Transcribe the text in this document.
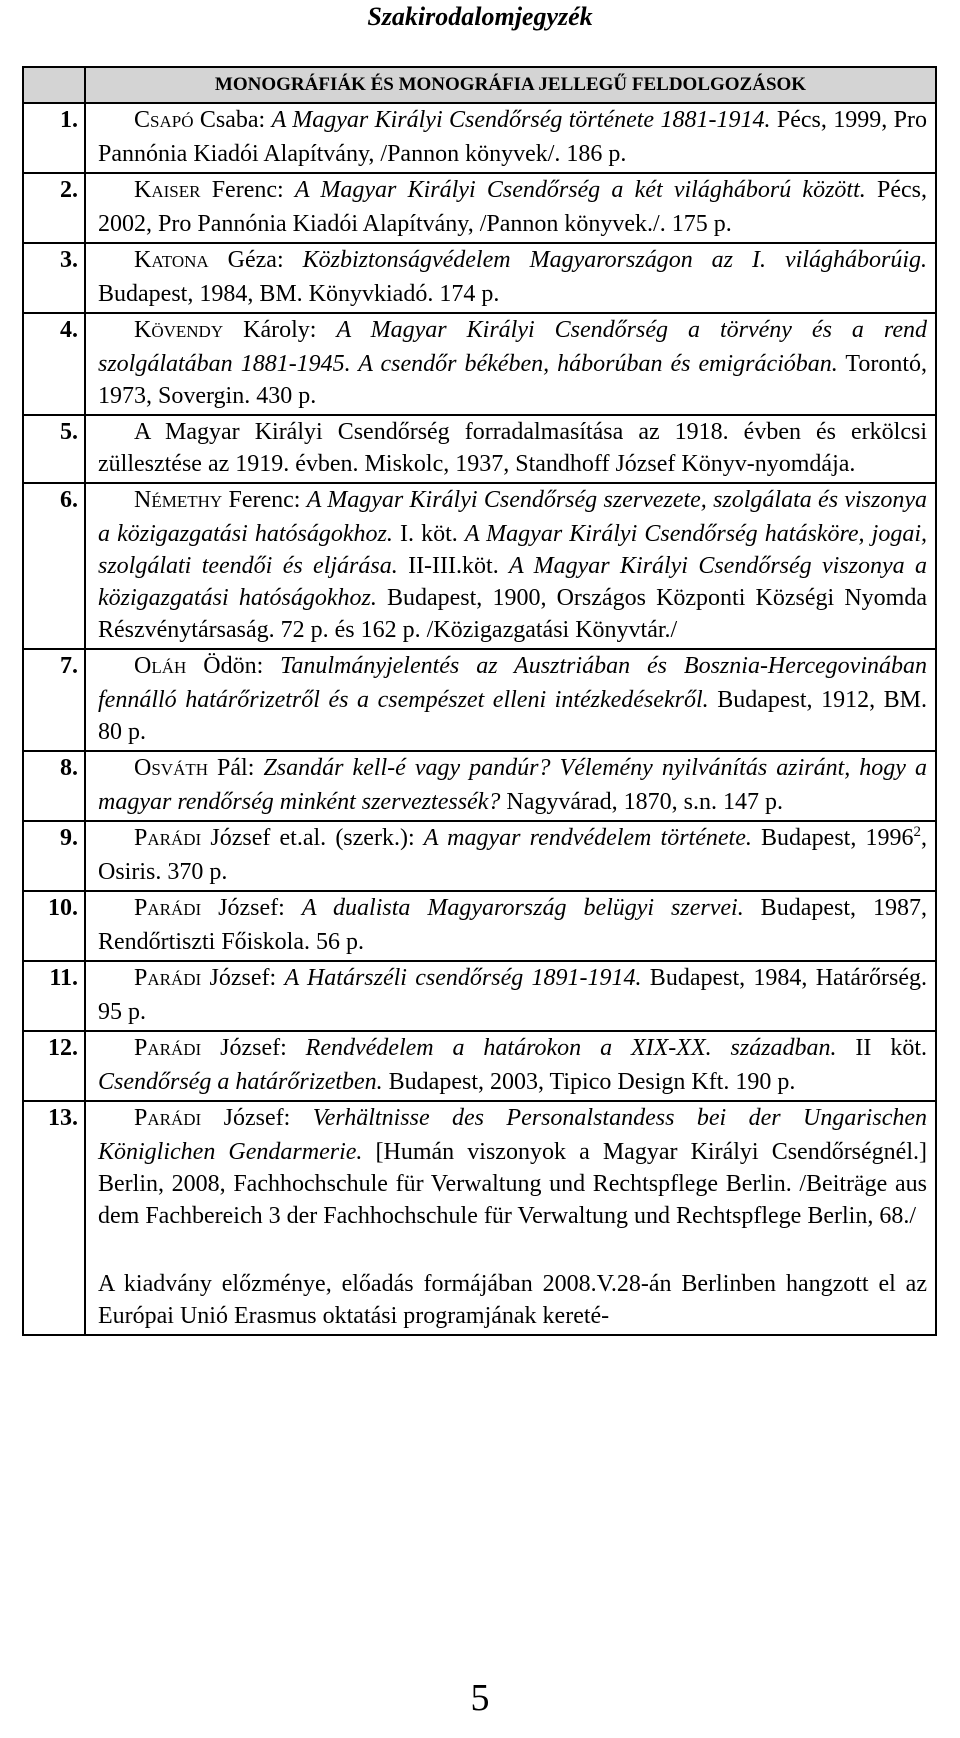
Szakirodalomjegyzék
	MONOGRÁFIÁK ÉS MONOGRÁFIA JELLEGŰ FELDOLGOZÁSOK
1.	CSAPÓ Csaba: A Magyar Királyi Csendőrség története 1881-1914. Pécs, 1999, Pro Pannónia Kiadói Alapítvány, /Pannon könyvek/. 186 p.

2.	KAISER Ferenc: A Magyar Királyi Csendőrség a két világháború között. Pécs, 2002, Pro Pannónia Kiadói Alapítvány, /Pannon könyvek./. 175 p.

3.	KATONA Géza: Közbiztonságvédelem Magyarországon az I. világháborúig. Budapest, 1984, BM. Könyvkiadó. 174 p.

4.	KÖVENDY Károly: A Magyar Királyi Csendőrség a törvény és a rend szolgálatában 1881-1945. A csendőr békében, háborúban és emigrációban. Torontó, 1973, Sovergin. 430 p.

5.	A Magyar Királyi Csendőrség forradalmasítása az 1918. évben és erkölcsi züllesztése az 1919. évben. Miskolc, 1937, Standhoff József Könyv-nyomdája.

6.	NÉMETHY Ferenc: A Magyar Királyi Csendőrség szervezete, szolgálata és viszonya a közigazgatási hatóságokhoz. I. köt. A Magyar Királyi Csendőrség hatásköre, jogai, szolgálati teendői és eljárása. II-III.köt. A Magyar Királyi Csendőrség viszonya a közigazgatási hatóságokhoz. Budapest, 1900, Országos Központi Községi Nyomda Részvénytársaság. 72 p. és 162 p. /Közigazgatási Könyvtár./

7.	OLÁH Ödön: Tanulmányjelentés az Ausztriában és Bosznia-Hercegovinában fennálló határőrizetről és a csempészet elleni intézkedésekről. Budapest, 1912, BM. 80 p.

8.	OSVÁTH Pál: Zsandár kell-é vagy pandúr? Vélemény nyilvánítás aziránt, hogy a magyar rendőrség minként szerveztessék? Nagyvárad, 1870, s.n. 147 p.

9.	PARÁDI József et.al. (szerk.): A magyar rendvédelem története. Budapest, 1996$^2$, Osiris. 370 p.

10.	PARÁDI József: A dualista Magyarország belügyi szervei. Budapest, 1987, Rendőrtiszti Főiskola. 56 p.

11.	PARÁDI József: A Határszéli csendőrség 1891-1914. Budapest, 1984, Határőrség. 95 p.

12.	PARÁDI József: Rendvédelem a határokon a XIX-XX. században. II köt. Csendőrség a határőrizetben. Budapest, 2003, Tipico Design Kft. 190 p.

13.	PARÁDI József: Verhältnisse des Personalstandess bei der Ungarischen Königlichen Gendarmerie. [Humán viszonyok a Magyar Királyi Csendőrségnél.] Berlin, 2008, Fachhochschule für Verwaltung und Rechtspflege Berlin. /Beiträge aus dem Fachbereich 3 der Fachhochschule für Verwaltung und Rechtspflege Berlin, 68./
A kiadvány előzménye, előadás formájában 2008.V.28-án Berlinben hangzott el az Európai Unió Erasmus oktatási programjának kereté-
5
